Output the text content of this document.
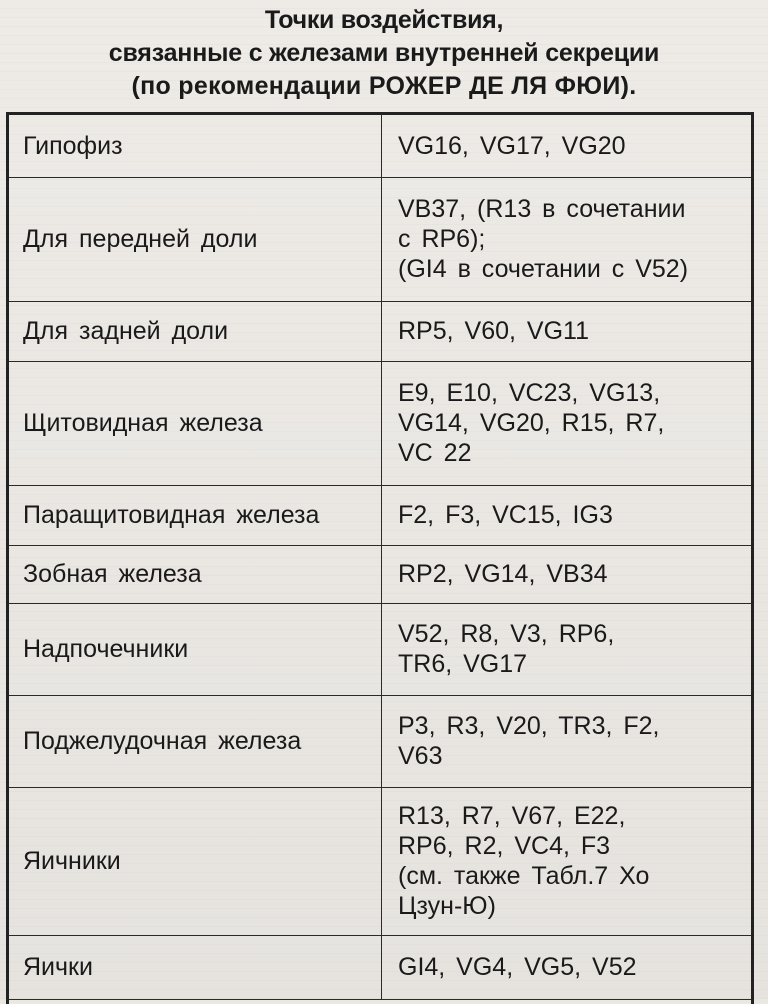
Точки воздействия,
связанные с железами внутренней секреции
(по рекомендации РОЖЕР ДЕ ЛЯ ФЮИ).
Гипофиз	VG16, VG17, VG20

Для передней доли	VB37, (R13 в сочетании
с RP6);
(GI4 в сочетании с V52)

Для задней доли	RP5, V60, VG11

Щитовидная железа	E9, E10, VC23, VG13,
VG14, VG20, R15, R7,
VC 22

Паращитовидная железа	F2, F3, VC15, IG3

Зобная железа	RP2, VG14, VB34

Надпочечники	V52, R8, V3, RP6,
TR6, VG17

Поджелудочная железа	P3, R3, V20, TR3, F2,
V63

Яичники	R13, R7, V67, E22,
RP6, R2, VC4, F3
(см. также Табл.7 Хо
Цзун-Ю)

Яички	GI4, VG4, VG5, V52
